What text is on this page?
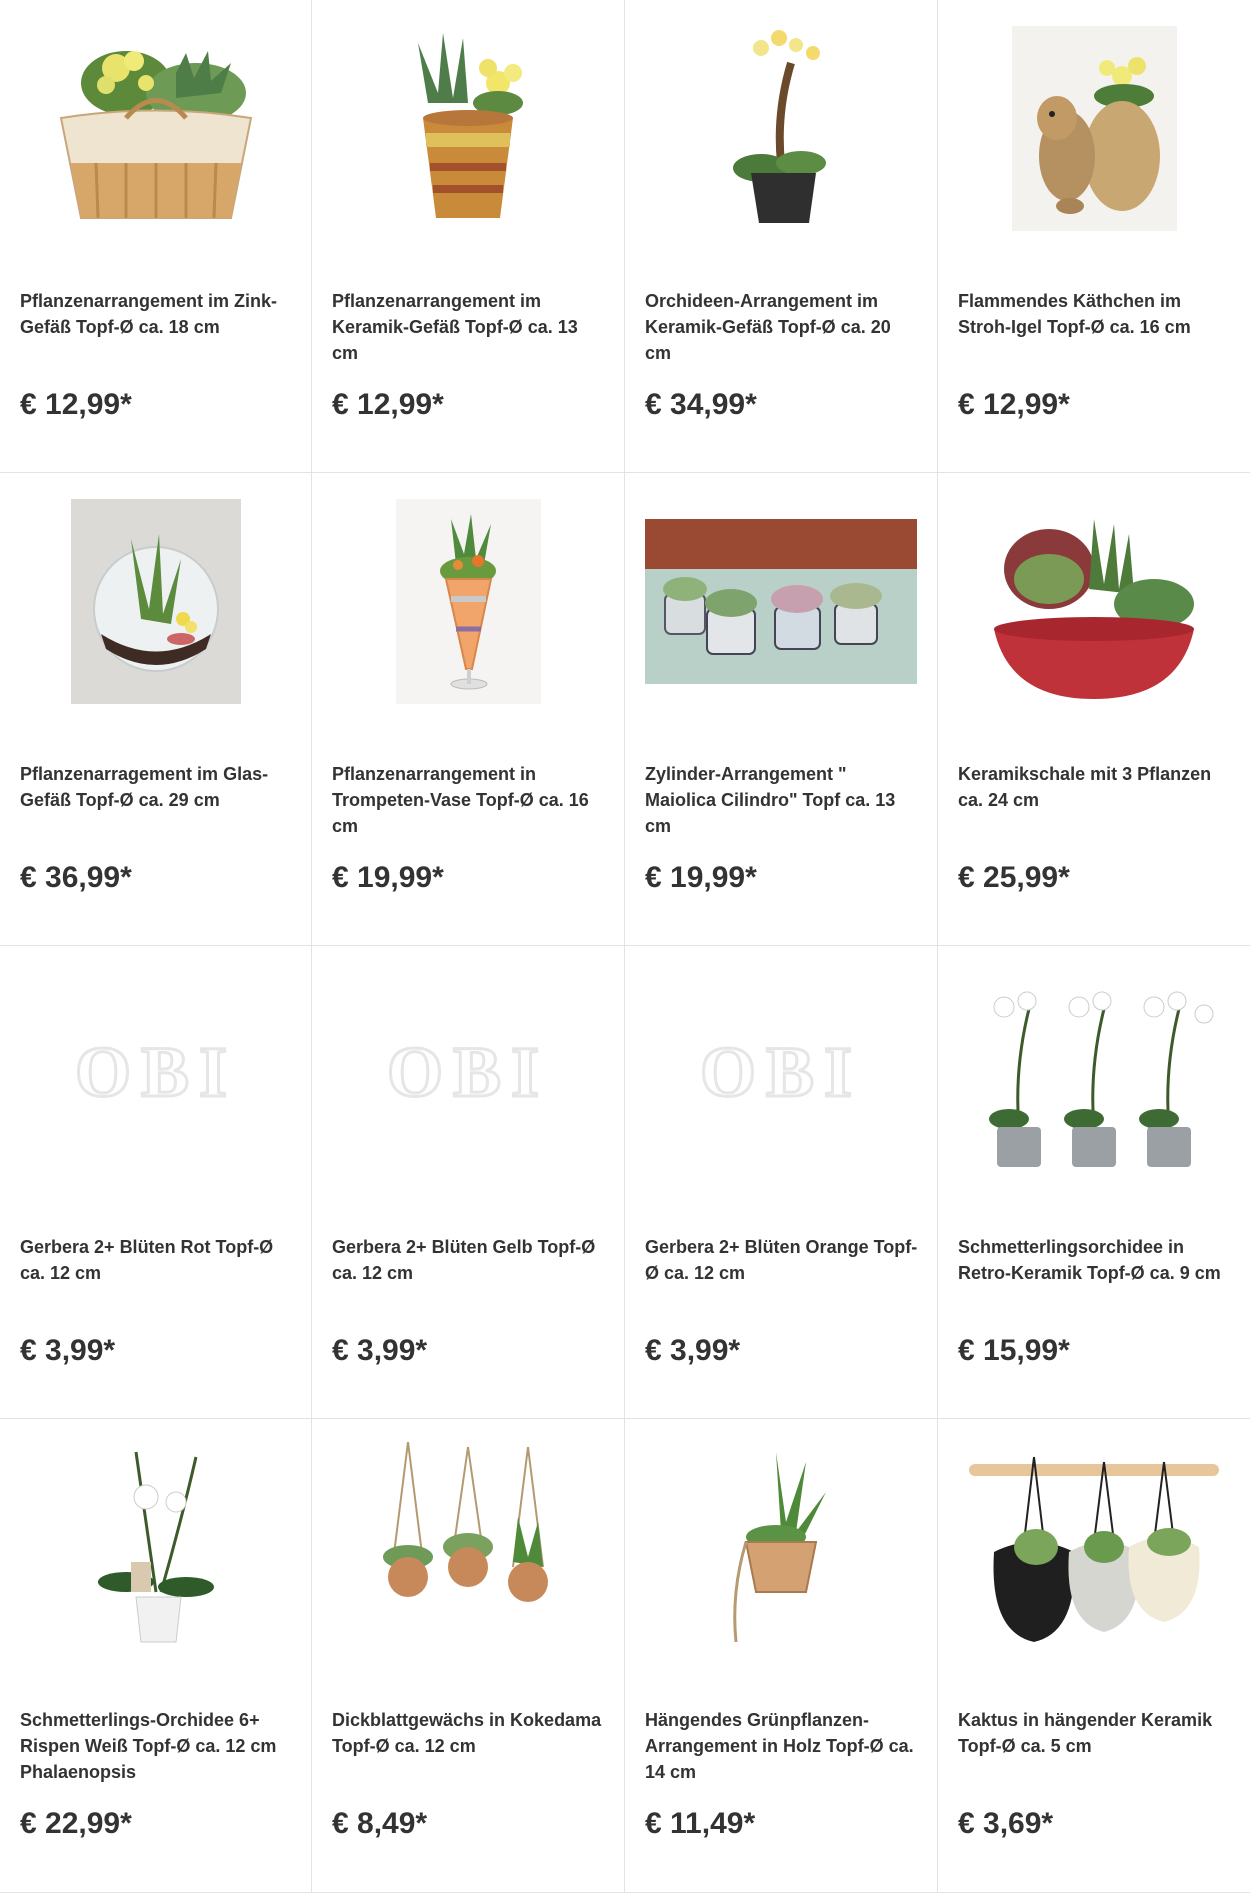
Pflanzenarrangement im Zink-Gefäß Topf-Ø ca. 18 cm

€ 12,99*

Pflanzenarrangement im Keramik-Gefäß Topf-Ø ca. 13 cm

€ 12,99*

Orchideen-Arrangement im Keramik-Gefäß Topf-Ø ca. 20 cm

€ 34,99*

Flammendes Käthchen im Stroh-Igel Topf-Ø ca. 16 cm

€ 12,99*

Pflanzenarragement im Glas-Gefäß Topf-Ø ca. 29 cm

€ 36,99*

Pflanzenarrangement in Trompeten-Vase Topf-Ø ca. 16 cm

€ 19,99*

Zylinder-Arrangement " Maiolica Cilindro" Topf ca. 13 cm

€ 19,99*

Keramikschale mit 3 Pflanzen ca. 24 cm

€ 25,99*
OBI

Gerbera 2+ Blüten Rot Topf-Ø ca. 12 cm

€ 3,99*
OBI

Gerbera 2+ Blüten Gelb Topf-Ø ca. 12 cm

€ 3,99*
OBI

Gerbera 2+ Blüten Orange Topf-Ø ca. 12 cm

€ 3,99*

Schmetterlingsorchidee in Retro-Keramik Topf-Ø ca. 9 cm

€ 15,99*

Schmetterlings-Orchidee 6+ Rispen Weiß Topf-Ø ca. 12 cm Phalaenopsis

€ 22,99*

Dickblattgewächs in Kokedama Topf-Ø ca. 12 cm

€ 8,49*

Hängendes Grünpflanzen-Arrangement in Holz Topf-Ø ca. 14 cm

€ 11,49*

Kaktus in hängender Keramik Topf-Ø ca. 5 cm

€ 3,69*
